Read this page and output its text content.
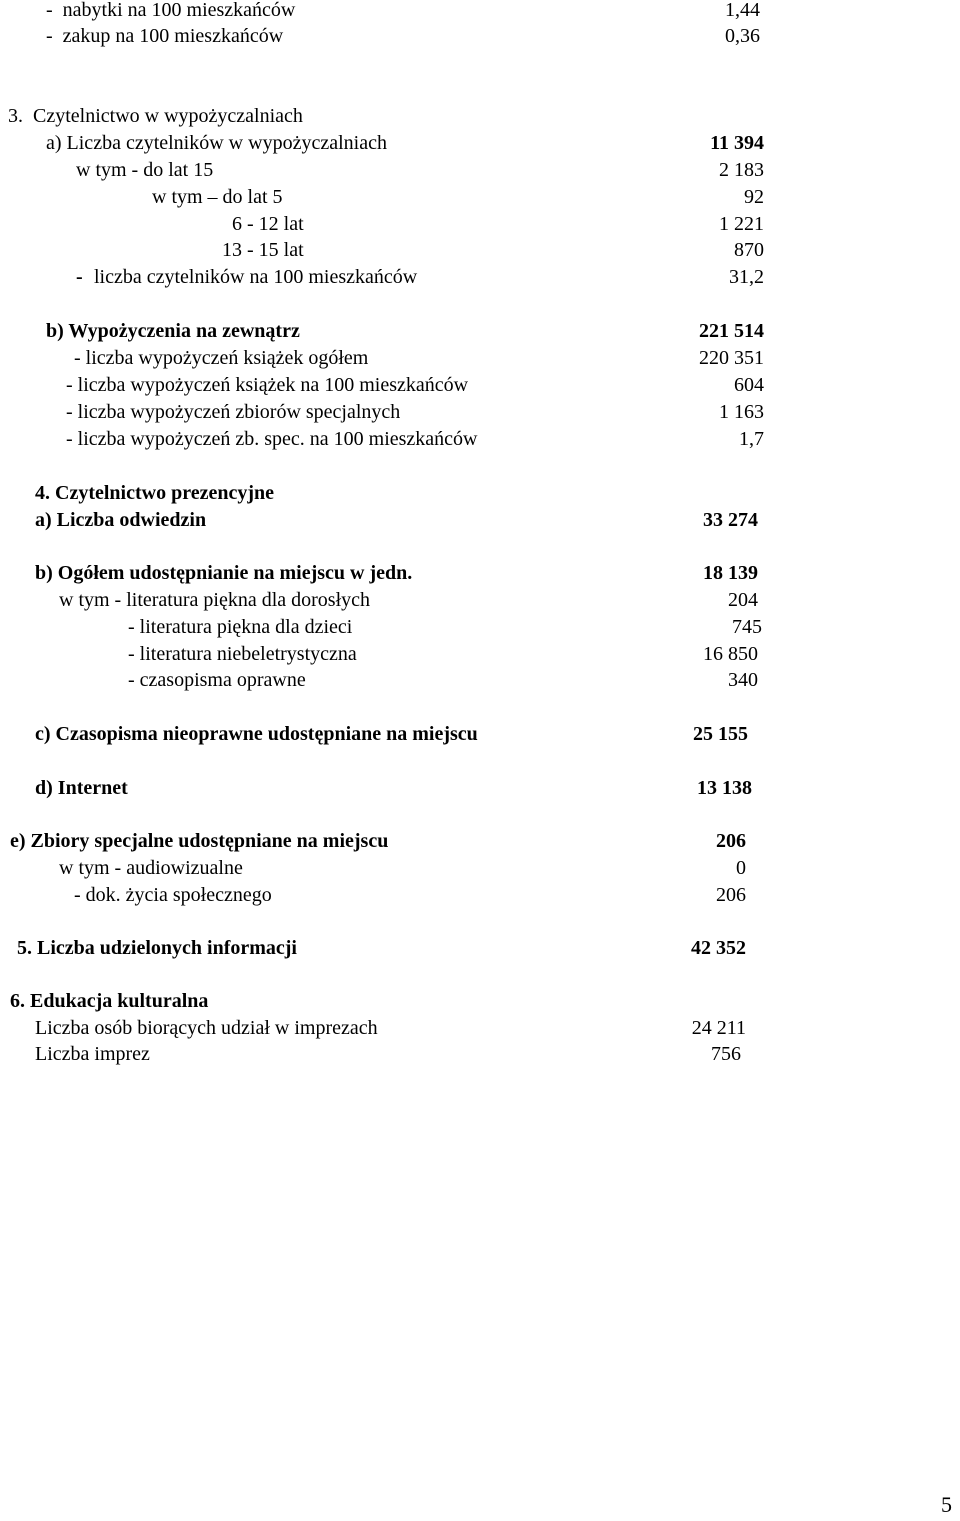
-  nabytki na 100 mieszkańców	1,44
-  zakup na 100 mieszkańców	0,36
3.  Czytelnictwo w wypożyczalniach
a) Liczba czytelników w wypożyczalniach	11 394
w tym - do lat 15	2 183
w tym – do lat 5	92
6 - 12 lat	1 221
13 - 15 lat	870
- liczba czytelników na 100 mieszkańców	31,2
b) Wypożyczenia na zewnątrz	221 514
- liczba wypożyczeń książek ogółem	220 351
- liczba wypożyczeń książek na 100 mieszkańców	604
- liczba wypożyczeń zbiorów specjalnych	1 163
- liczba wypożyczeń zb. spec. na 100 mieszkańców	1,7
4. Czytelnictwo prezencyjne
a) Liczba odwiedzin	33 274
b) Ogółem udostępnianie na miejscu w jedn.	18 139
w tym - literatura piękna dla dorosłych	204
- literatura piękna dla dzieci	745
- literatura niebeletrystyczna	16 850
- czasopisma oprawne	340
c) Czasopisma nieoprawne udostępniane na miejscu	25 155
d) Internet	13 138
e) Zbiory specjalne udostępniane na miejscu	206
w tym - audiowizualne	0
- dok. życia społecznego	206
5. Liczba udzielonych informacji	42 352
6. Edukacja kulturalna
Liczba osób biorących udział w imprezach	24 211
Liczba imprez	756
5
